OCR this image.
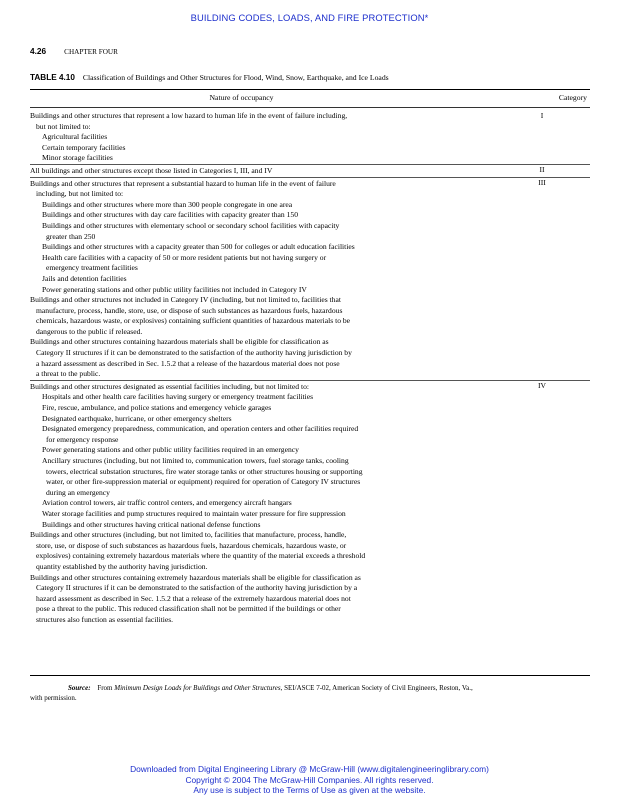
BUILDING CODES, LOADS, AND FIRE PROTECTION*
4.26	CHAPTER FOUR
TABLE 4.10 Classification of Buildings and Other Structures for Flood, Wind, Snow, Earthquake, and Ice Loads
Nature of occupancy	Category
I
Buildings and other structures that represent a low hazard to human life in the event of failure including,
but not limited to:
Agricultural facilities
Certain temporary facilities
Minor storage facilities
II
All buildings and other structures except those listed in Categories I, III, and IV
III
Buildings and other structures that represent a substantial hazard to human life in the event of failure
including, but not limited to:
Buildings and other structures where more than 300 people congregate in one area
Buildings and other structures with day care facilities with capacity greater than 150
Buildings and other structures with elementary school or secondary school facilities with capacity
greater than 250
Buildings and other structures with a capacity greater than 500 for colleges or adult education facilities
Health care facilities with a capacity of 50 or more resident patients but not having surgery or
emergency treatment facilities
Jails and detention facilities
Power generating stations and other public utility facilities not included in Category IV
Buildings and other structures not included in Category IV (including, but not limited to, facilities that
manufacture, process, handle, store, use, or dispose of such substances as hazardous fuels, hazardous
chemicals, hazardous waste, or explosives) containing sufficient quantities of hazardous materials to be
dangerous to the public if released.
Buildings and other structures containing hazardous materials shall be eligible for classification as
Category II structures if it can be demonstrated to the satisfaction of the authority having jurisdiction by
a hazard assessment as described in Sec. 1.5.2 that a release of the hazardous material does not pose
a threat to the public.
IV
Buildings and other structures designated as essential facilities including, but not limited to:
Hospitals and other health care facilities having surgery or emergency treatment facilities
Fire, rescue, ambulance, and police stations and emergency vehicle garages
Designated earthquake, hurricane, or other emergency shelters
Designated emergency preparedness, communication, and operation centers and other facilities required
for emergency response
Power generating stations and other public utility facilities required in an emergency
Ancillary structures (including, but not limited to, communication towers, fuel storage tanks, cooling
towers, electrical substation structures, fire water storage tanks or other structures housing or supporting
water, or other fire-suppression material or equipment) required for operation of Category IV structures
during an emergency
Aviation control towers, air traffic control centers, and emergency aircraft hangars
Water storage facilities and pump structures required to maintain water pressure for fire suppression
Buildings and other structures having critical national defense functions
Buildings and other structures (including, but not limited to, facilities that manufacture, process, handle,
store, use, or dispose of such substances as hazardous fuels, hazardous chemicals, hazardous waste, or
explosives) containing extremely hazardous materials where the quantity of the material exceeds a threshold
quantity established by the authority having jurisdiction.
Buildings and other structures containing extremely hazardous materials shall be eligible for classification as
Category II structures if it can be demonstrated to the satisfaction of the authority having jurisdiction by a
hazard assessment as described in Sec. 1.5.2 that a release of the extremely hazardous material does not
pose a threat to the public. This reduced classification shall not be permitted if the buildings or other
structures also function as essential facilities.
Source: From Minimum Design Loads for Buildings and Other Structures, SEI/ASCE 7-02, American Society of Civil Engineers, Reston, Va.,
with permission.
Downloaded from Digital Engineering Library @ McGraw-Hill (www.digitalengineeringlibrary.com)
Copyright © 2004 The McGraw-Hill Companies. All rights reserved.
Any use is subject to the Terms of Use as given at the website.
